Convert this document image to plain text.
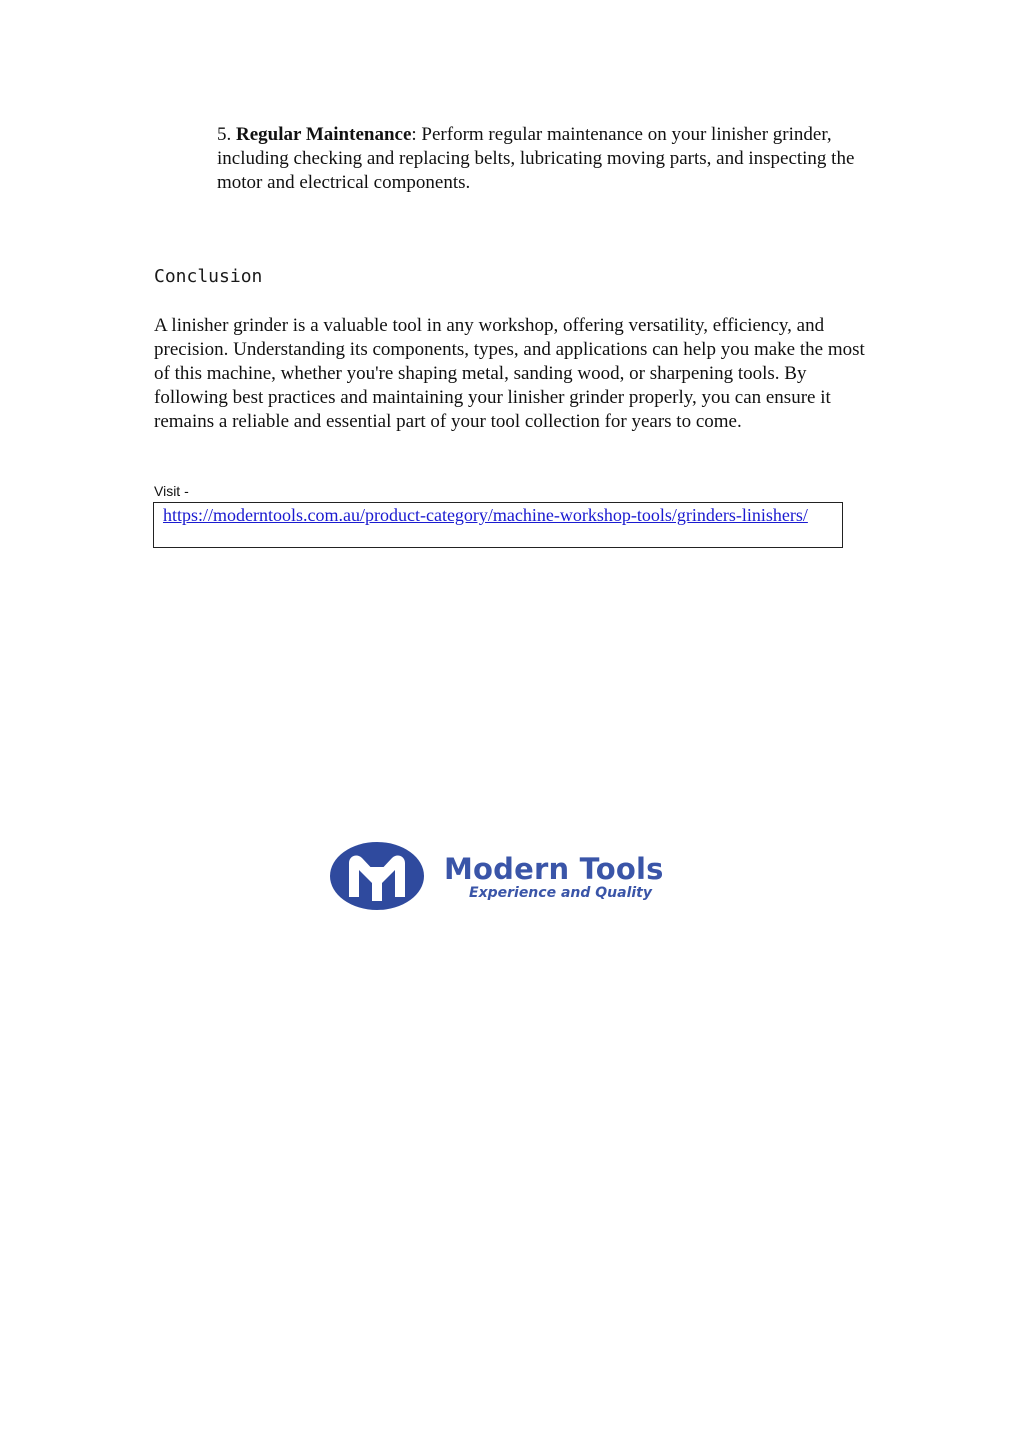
5. Regular Maintenance: Perform regular maintenance on your linisher grinder, including checking and replacing belts, lubricating moving parts, and inspecting the motor and electrical components.
Conclusion
A linisher grinder is a valuable tool in any workshop, offering versatility, efficiency, and precision. Understanding its components, types, and applications can help you make the most of this machine, whether you're shaping metal, sanding wood, or sharpening tools. By following best practices and maintaining your linisher grinder properly, you can ensure it remains a reliable and essential part of your tool collection for years to come.
Visit -
https://moderntools.com.au/product-category/machine-workshop-tools/grinders-linishers/
Modern Tools
Experience and Quality
